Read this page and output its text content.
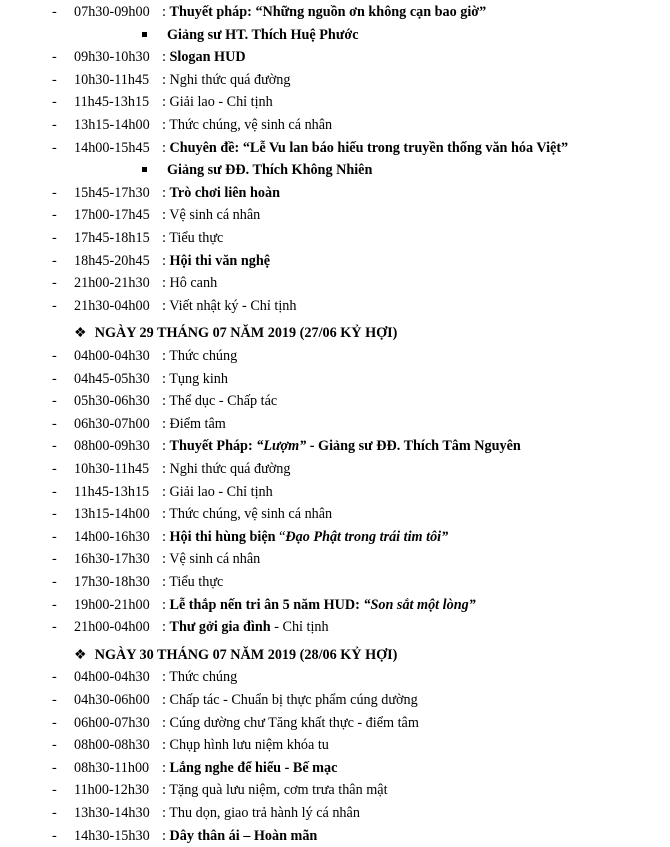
- 07h30-09h00 : Thuyết pháp: “Những nguồn ơn không cạn bao giờ”
Giảng sư HT. Thích Huệ Phước
- 09h30-10h30 : Slogan HUD
- 10h30-11h45 : Nghi thức quá đường
- 11h45-13h15 : Giải lao - Chỉ tịnh
- 13h15-14h00 : Thức chúng, vệ sinh cá nhân
- 14h00-15h45 : Chuyên đề: “Lễ Vu lan báo hiếu trong truyền thống văn hóa Việt”
Giảng sư ĐĐ. Thích Không Nhiên
- 15h45-17h30 : Trò chơi liên hoàn
- 17h00-17h45 : Vệ sinh cá nhân
- 17h45-18h15 : Tiểu thực
- 18h45-20h45 : Hội thi văn nghệ
- 21h00-21h30 : Hô canh
- 21h30-04h00 : Viết nhật ký - Chỉ tịnh
❖ NGÀY 29 THÁNG 07 NĂM 2019 (27/06 KỶ HỢI)
- 04h00-04h30 : Thức chúng
- 04h45-05h30 : Tụng kinh
- 05h30-06h30 : Thể dục - Chấp tác
- 06h30-07h00 : Điểm tâm
- 08h00-09h30 : Thuyết Pháp: “Lượm” - Giảng sư ĐĐ. Thích Tâm Nguyên
- 10h30-11h45 : Nghi thức quá đường
- 11h45-13h15 : Giải lao - Chỉ tịnh
- 13h15-14h00 : Thức chúng, vệ sinh cá nhân
- 14h00-16h30 : Hội thi hùng biện “Đạo Phật trong trái tim tôi”
- 16h30-17h30 : Vệ sinh cá nhân
- 17h30-18h30 : Tiểu thực
- 19h00-21h00 : Lễ thắp nến tri ân 5 năm HUD: “Son sắt một lòng”
- 21h00-04h00 : Thư gởi gia đình - Chỉ tịnh
❖ NGÀY 30 THÁNG 07 NĂM 2019 (28/06 KỶ HỢI)
- 04h00-04h30 : Thức chúng
- 04h30-06h00 : Chấp tác - Chuẩn bị thực phẩm cúng dường
- 06h00-07h30 : Cúng dường chư Tăng khất thực - điểm tâm
- 08h00-08h30 : Chụp hình lưu niệm khóa tu
- 08h30-11h00 : Lắng nghe để hiểu - Bế mạc
- 11h00-12h30 : Tặng quà lưu niệm, cơm trưa thân mật
- 13h30-14h30 : Thu dọn, giao trả hành lý cá nhân
- 14h30-15h30 : Dây thân ái – Hoàn mãn
